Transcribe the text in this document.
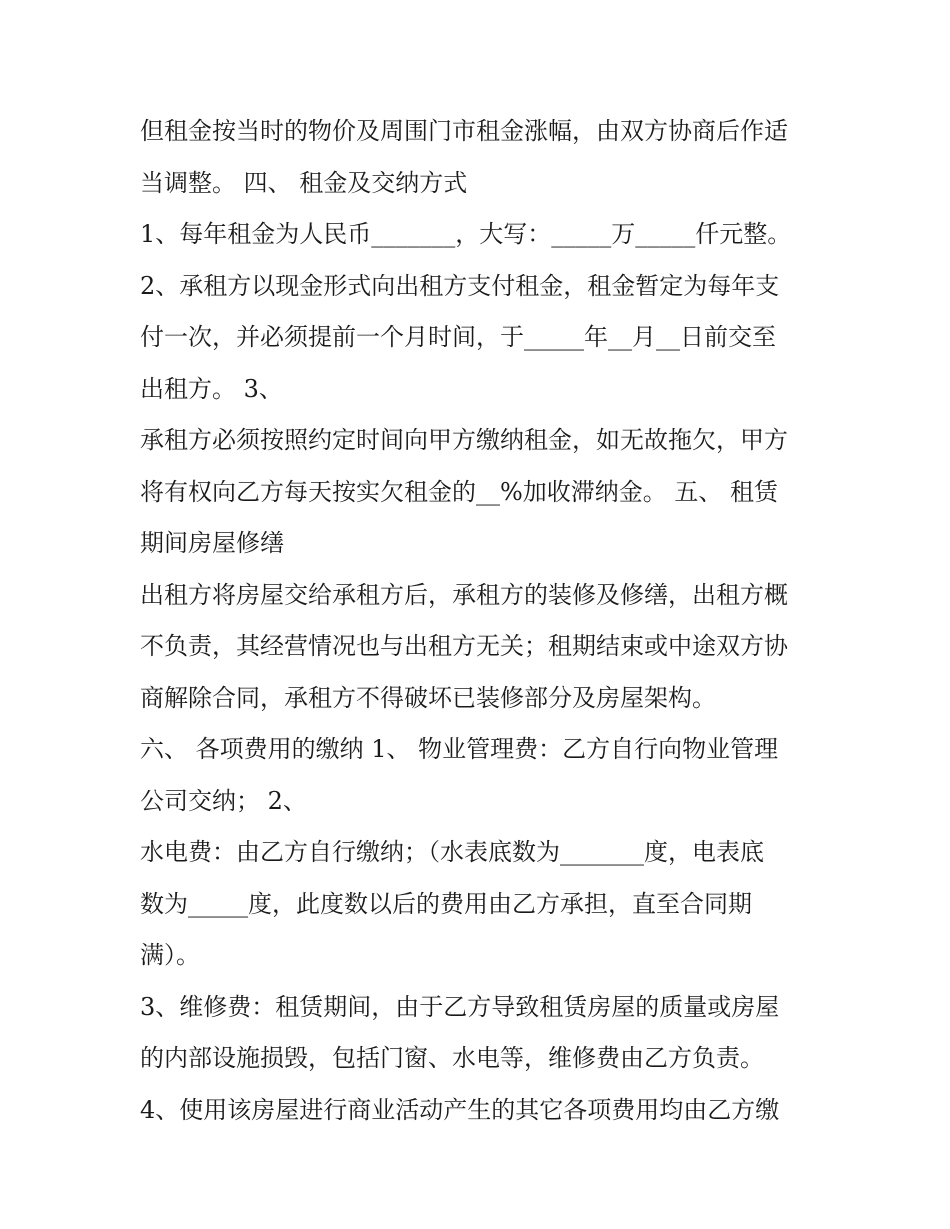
但租金按当时的物价及周围门市租金涨幅，由双方协商后作适
当调整。 四、 租金及交纳方式
1、每年租金为人民币_______，大写：_____万_____仟元整。
2、承租方以现金形式向出租方支付租金，租金暂定为每年支
付一次，并必须提前一个月时间，于_____年__月__日前交至
出租方。 3、
承租方必须按照约定时间向甲方缴纳租金，如无故拖欠，甲方
将有权向乙方每天按实欠租金的__%加收滞纳金。 五、 租赁
期间房屋修缮
出租方将房屋交给承租方后，承租方的装修及修缮，出租方概
不负责，其经营情况也与出租方无关；租期结束或中途双方协
商解除合同，承租方不得破坏已装修部分及房屋架构。
六、 各项费用的缴纳 1、 物业管理费：乙方自行向物业管理
公司交纳； 2、
水电费：由乙方自行缴纳；（水表底数为_______度，电表底
数为_____度，此度数以后的费用由乙方承担，直至合同期
满）。
3、维修费：租赁期间，由于乙方导致租赁房屋的质量或房屋
的内部设施损毁，包括门窗、水电等，维修费由乙方负责。
4、使用该房屋进行商业活动产生的其它各项费用均由乙方缴
